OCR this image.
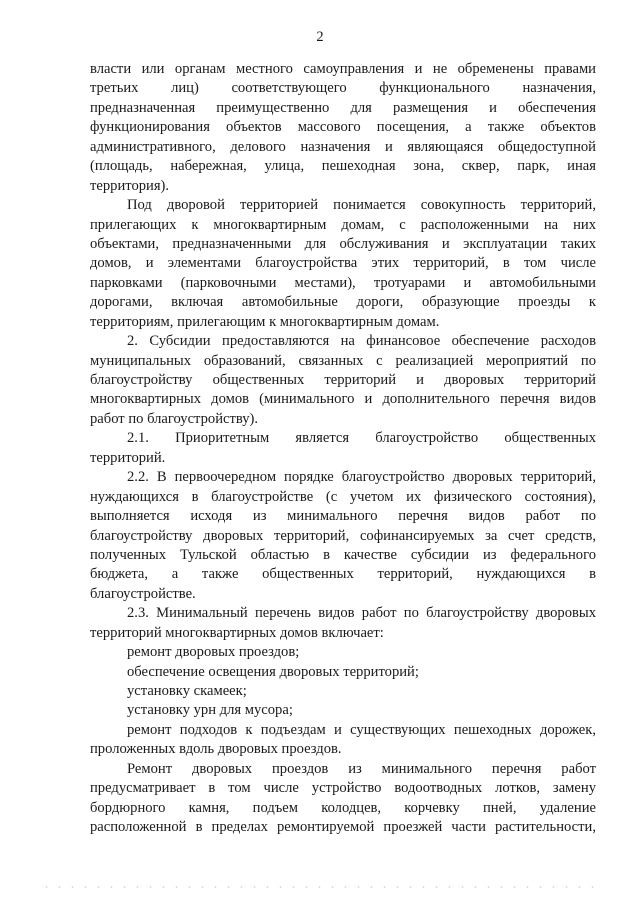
2
власти или органам местного самоуправления и не обременены правами
третьих лиц) соответствующего функционального назначения,
предназначенная преимущественно для размещения и обеспечения
функционирования объектов массового посещения, а также объектов
административного, делового назначения и являющаяся общедоступной
(площадь, набережная, улица, пешеходная зона, сквер, парк, иная
территория).
Под дворовой территорией понимается совокупность территорий,
прилегающих к многоквартирным домам, с расположенными на них
объектами, предназначенными для обслуживания и эксплуатации таких
домов, и элементами благоустройства этих территорий, в том числе
парковками (парковочными местами), тротуарами и автомобильными
дорогами, включая автомобильные дороги, образующие проезды к
территориям, прилегающим к многоквартирным домам.
2. Субсидии предоставляются на финансовое обеспечение расходов
муниципальных образований, связанных с реализацией мероприятий по
благоустройству общественных территорий и дворовых территорий
многоквартирных домов (минимального и дополнительного перечня видов
работ по благоустройству).
2.1. Приоритетным является благоустройство общественных
территорий.
2.2. В первоочередном порядке благоустройство дворовых территорий,
нуждающихся в благоустройстве (с учетом их физического состояния),
выполняется исходя из минимального перечня видов работ по
благоустройству дворовых территорий, софинансируемых за счет средств,
полученных Тульской областью в качестве субсидии из федерального
бюджета, а также общественных территорий, нуждающихся в
благоустройстве.
2.3. Минимальный перечень видов работ по благоустройству дворовых
территорий многоквартирных домов включает:
ремонт дворовых проездов;
обеспечение освещения дворовых территорий;
установку скамеек;
установку урн для мусора;
ремонт подходов к подъездам и существующих пешеходных дорожек,
проложенных вдоль дворовых проездов.
Ремонт дворовых проездов из минимального перечня работ
предусматривает в том числе устройство водоотводных лотков, замену
бордюрного камня, подъем колодцев, корчевку пней, удаление
расположенной в пределах ремонтируемой проезжей части растительности,
